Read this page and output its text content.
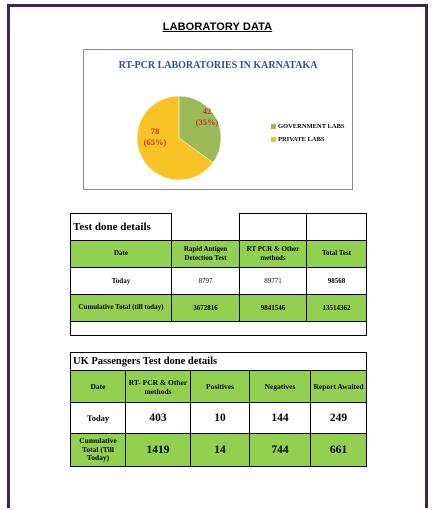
LABORATORY DATA
RT-PCR LABORATORIES IN KARNATAKA
42
(35%)
78
(65%)
GOVERNMENT LABS
PRIVATE LABS
Test done details			
Date	Rapid Antigen Detection Test	RT PCR & Other methods	Total Test
Today	8797	89771	98568
Cumulative Total (till today)	3672816	9841546	13514362

UK Passengers Test done details				
Date	RT- PCR & Other methods	Positives	Negatives	Report Awaited
Today	403	10	144	249
Cumulative Total (Till Today)	1419	14	744	661
